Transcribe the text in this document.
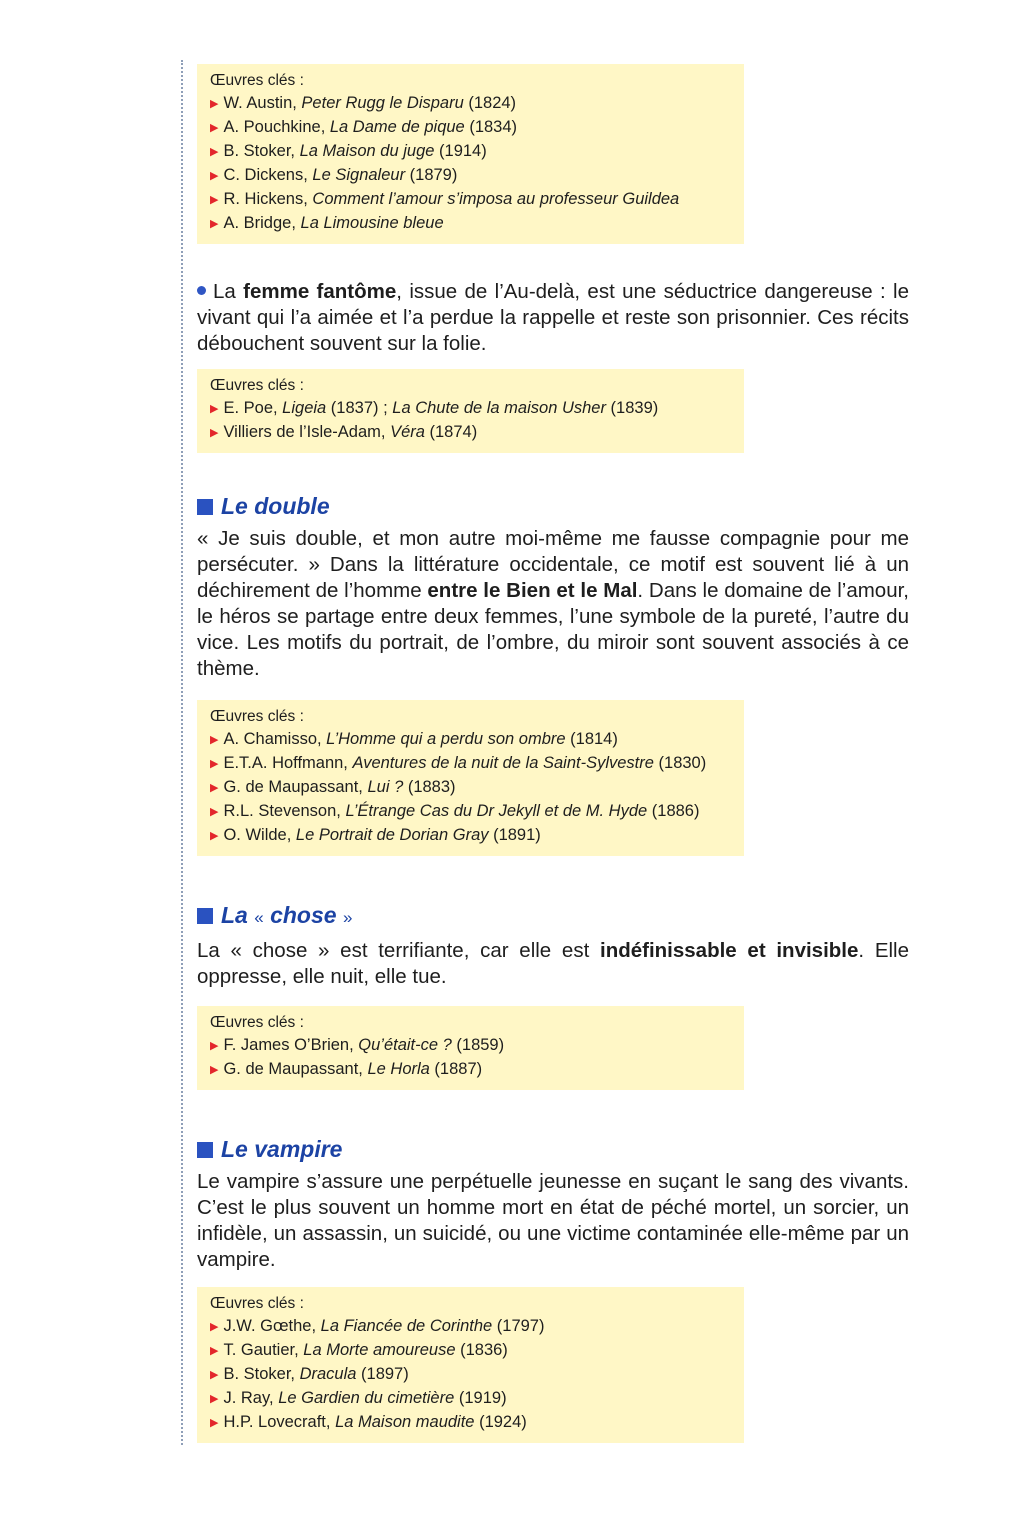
Œuvres clés :
▶ W. Austin, Peter Rugg le Disparu (1824)
▶ A. Pouchkine, La Dame de pique (1834)
▶ B. Stoker, La Maison du juge (1914)
▶ C. Dickens, Le Signaleur (1879)
▶ R. Hickens, Comment l’amour s’imposa au professeur Guildea
▶ A. Bridge, La Limousine bleue

La femme fantôme, issue de l’Au-delà, est une séductrice dangereuse : le vivant qui l’a aimée et l’a perdue la rappelle et reste son prisonnier. Ces récits débouchent souvent sur la folie.

Œuvres clés :
▶ E. Poe, Ligeia (1837) ; La Chute de la maison Usher (1839)
▶ Villiers de l’Isle-Adam, Véra (1874)
Le double

« Je suis double, et mon autre moi-même me fausse compagnie pour me persécuter. » Dans la littérature occidentale, ce motif est souvent lié à un déchirement de l’homme entre le Bien et le Mal. Dans le domaine de l’amour, le héros se partage entre deux femmes, l’une symbole de la pureté, l’autre du vice. Les motifs du portrait, de l’ombre, du miroir sont souvent associés à ce thème.

Œuvres clés :
▶ A. Chamisso, L’Homme qui a perdu son ombre (1814)
▶ E.T.A. Hoffmann, Aventures de la nuit de la Saint-Sylvestre (1830)
▶ G. de Maupassant, Lui ? (1883)
▶ R.L. Stevenson, L’Étrange Cas du Dr Jekyll et de M. Hyde (1886)
▶ O. Wilde, Le Portrait de Dorian Gray (1891)
La « chose »

La « chose » est terrifiante, car elle est indéfinissable et invisible. Elle oppresse, elle nuit, elle tue.

Œuvres clés :
▶ F. James O’Brien, Qu’était-ce ? (1859)
▶ G. de Maupassant, Le Horla (1887)
Le vampire

Le vampire s’assure une perpétuelle jeunesse en suçant le sang des vivants. C’est le plus souvent un homme mort en état de péché mortel, un sorcier, un infidèle, un assassin, un suicidé, ou une victime contaminée elle-même par un vampire.

Œuvres clés :
▶ J.W. Gœthe, La Fiancée de Corinthe (1797)
▶ T. Gautier, La Morte amoureuse (1836)
▶ B. Stoker, Dracula (1897)
▶ J. Ray, Le Gardien du cimetière (1919)
▶ H.P. Lovecraft, La Maison maudite (1924)
